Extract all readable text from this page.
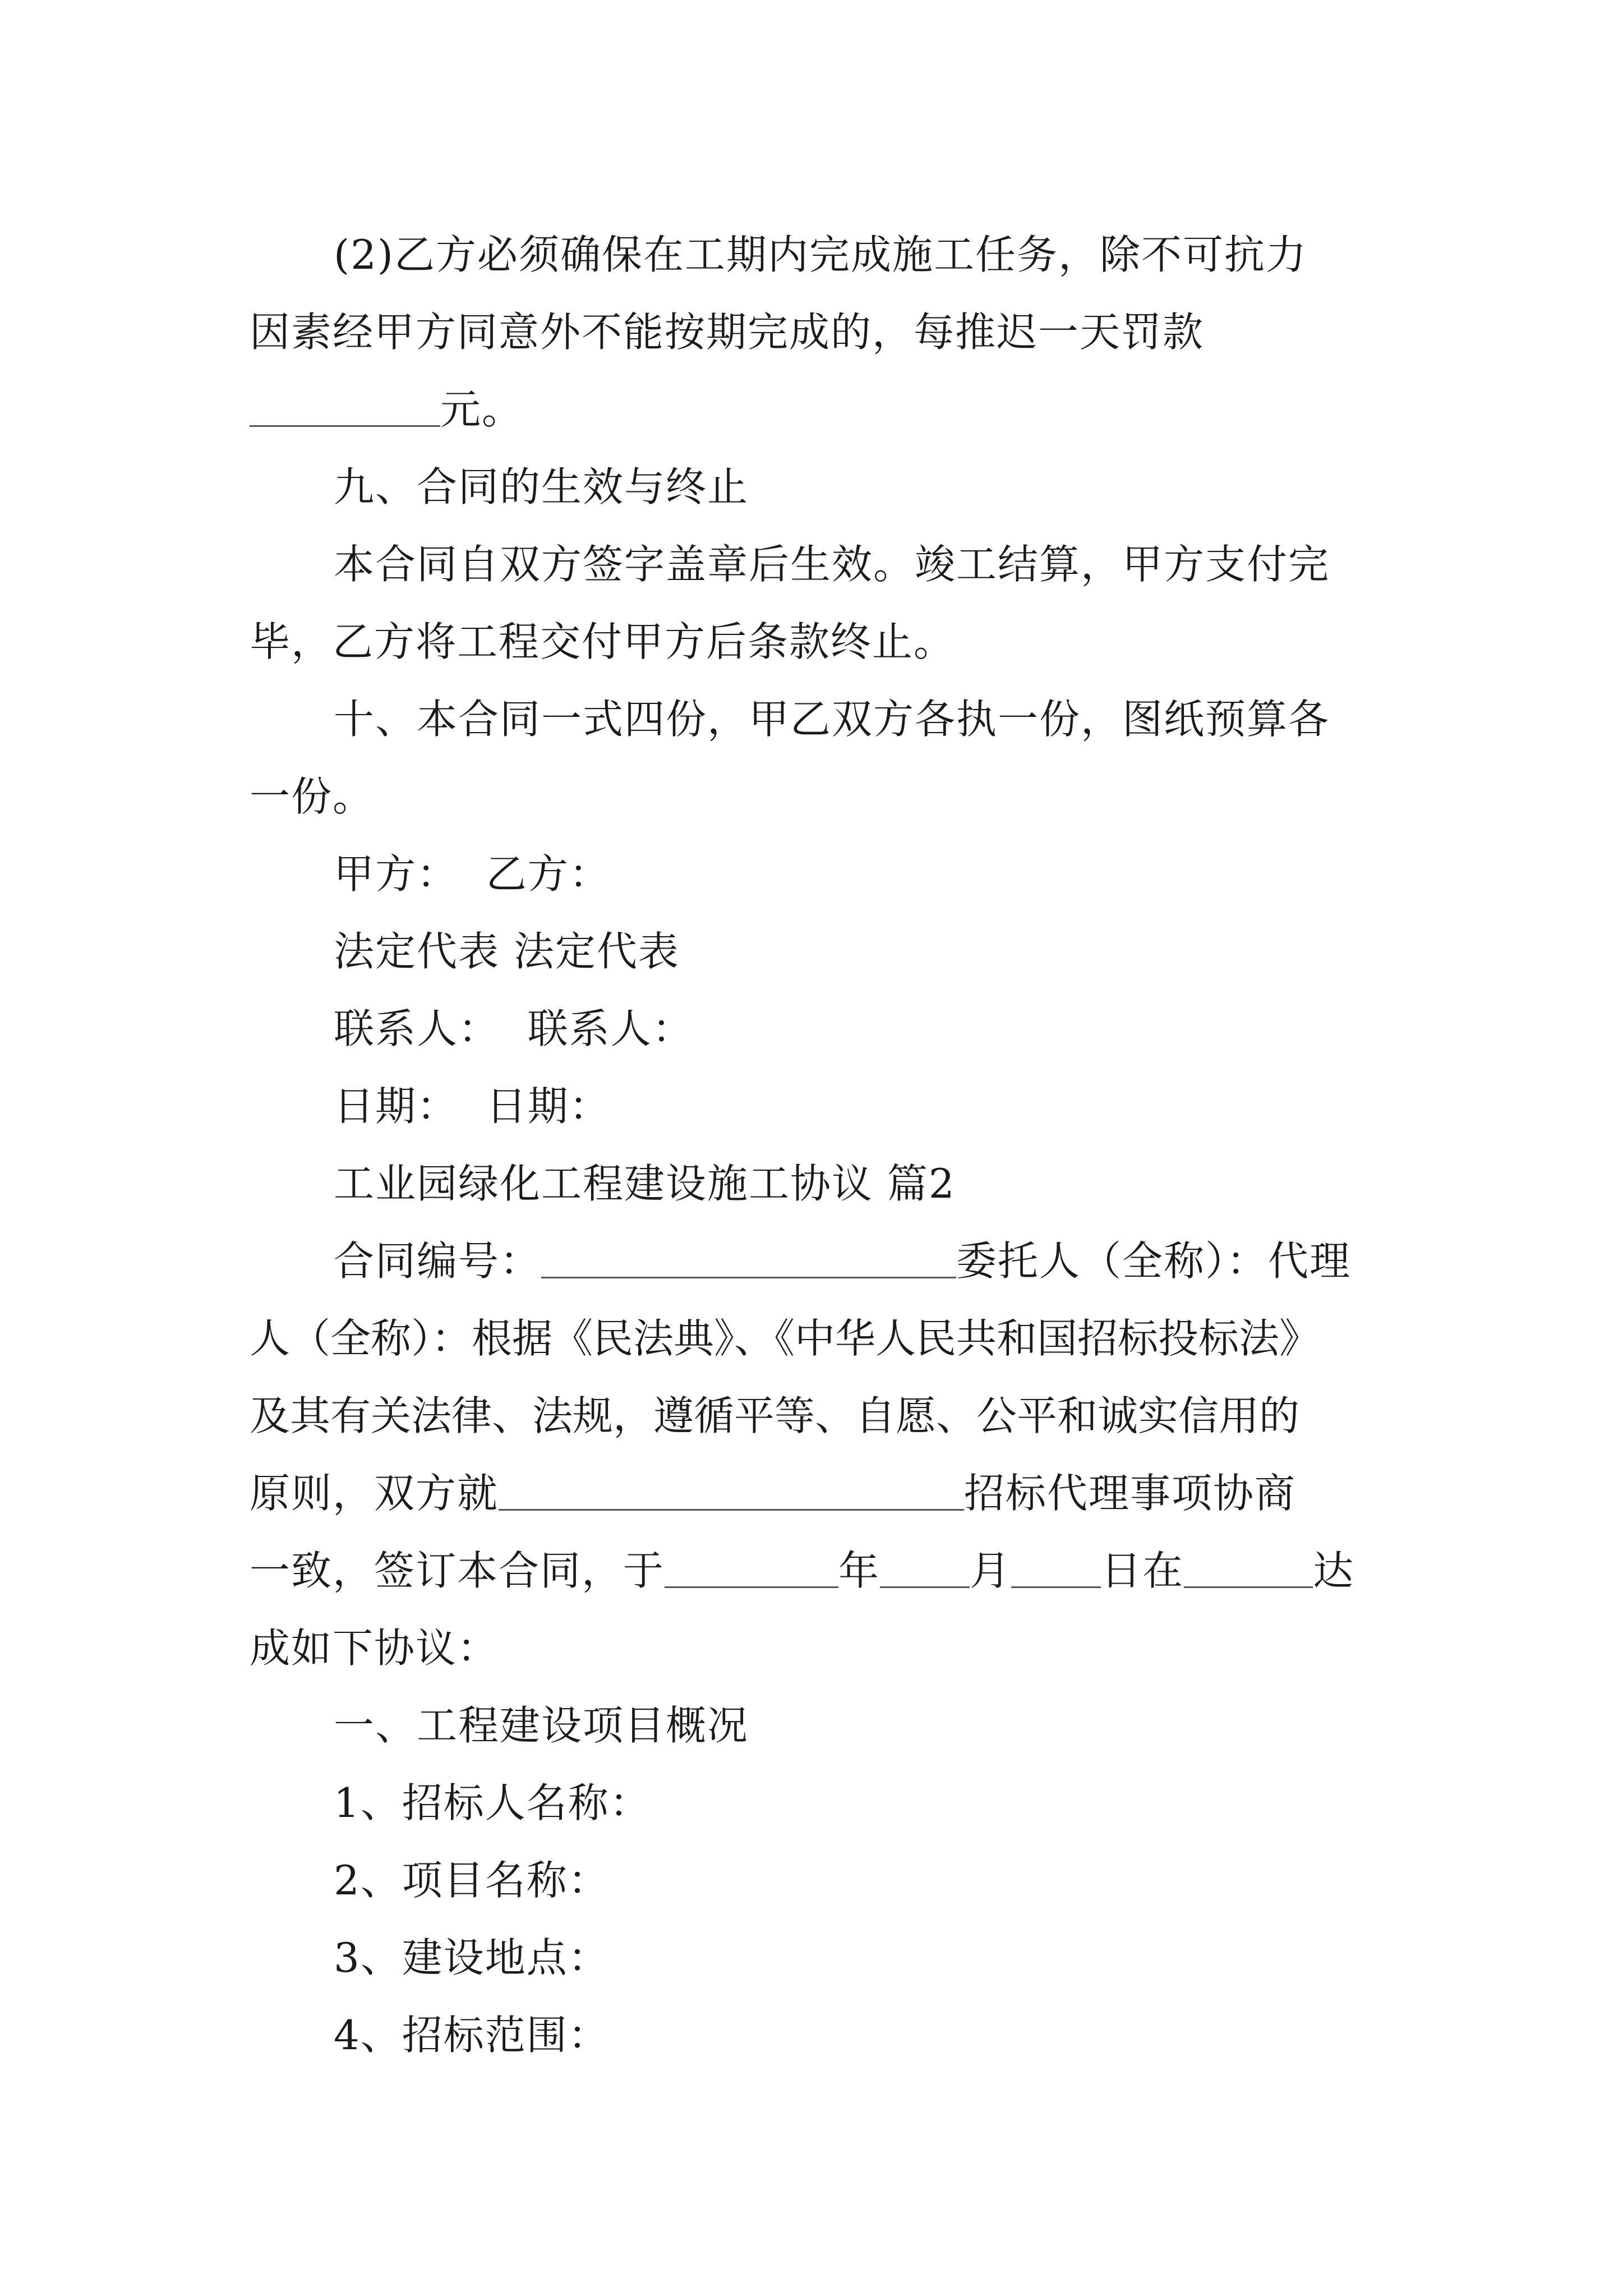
(2)乙方必须确保在工期内完成施工任务，除不可抗力
因素经甲方同意外不能按期完成的，每推迟一天罚款
元。
九、合同的生效与终止
本合同自双方签字盖章后生效。竣工结算，甲方支付完
毕，乙方将工程交付甲方后条款终止。
十、本合同一式四份，甲乙双方各执一份，图纸预算各
一份。
甲方：  乙方：
法定代表 法定代表
联系人：  联系人：
日期：  日期：
工业园绿化工程建设施工协议 篇2
合同编号：	委托人（全称）：代理
人（全称）：根据《民法典》、《中华人民共和国招标投标法》
及其有关法律、法规，遵循平等、自愿、公平和诚实信用的
原则，双方就	招标代理事项协商
一致，签订本合同，于	年 月 日在	达
成如下协议：
一、工程建设项目概况
1、招标人名称：
2、项目名称：
3、建设地点：
4、招标范围：
